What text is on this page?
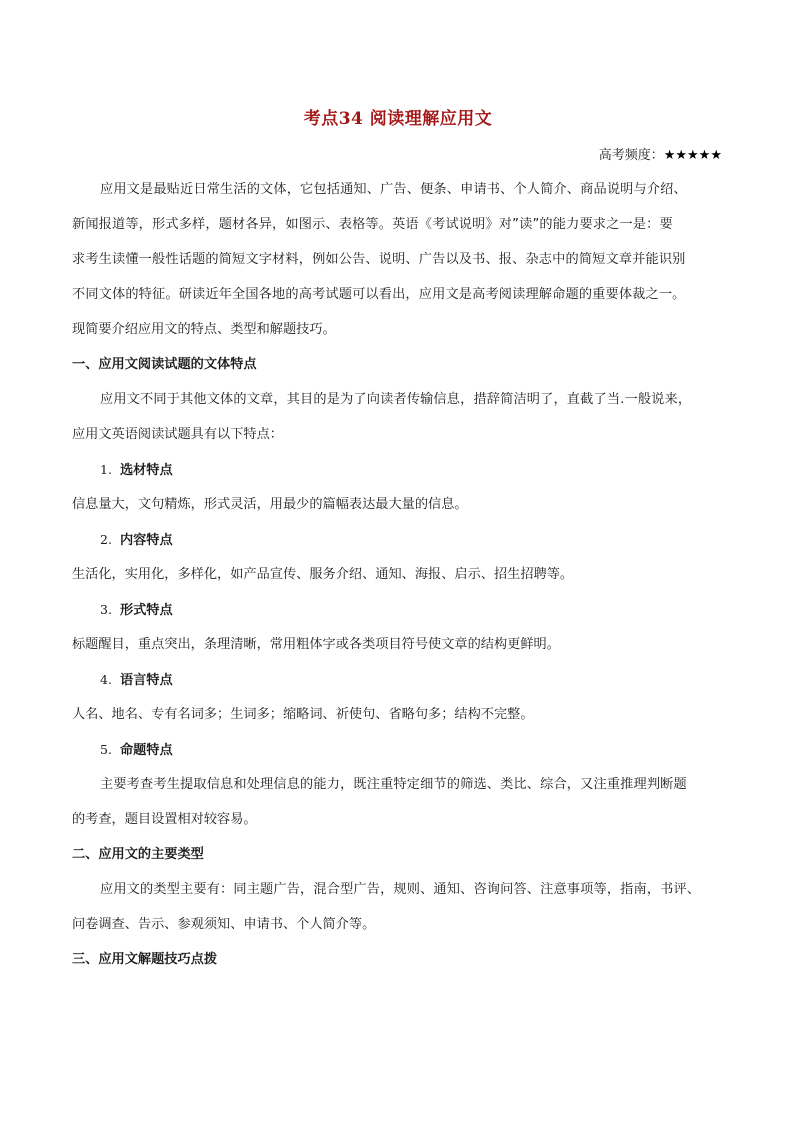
考点34 阅读理解应用文
高考频度：★★★★★
应用文是最贴近日常生活的文体，它包括通知、广告、便条、申请书、个人简介、商品说明与介绍、
新闻报道等，形式多样，题材各异，如图示、表格等。英语《考试说明》对”读”的能力要求之一是：要
求考生读懂一般性话题的简短文字材料，例如公告、说明、广告以及书、报、杂志中的简短文章并能识别
不同文体的特征。研读近年全国各地的高考试题可以看出，应用文是高考阅读理解命题的重要体裁之一。
现简要介绍应用文的特点、类型和解题技巧。
一、应用文阅读试题的文体特点
应用文不同于其他文体的文章，其目的是为了向读者传输信息，措辞简洁明了，直截了当.一般说来，
应用文英语阅读试题具有以下特点：
1. 选材特点
信息量大，文句精炼，形式灵活，用最少的篇幅表达最大量的信息。
2. 内容特点
生活化，实用化，多样化，如产品宣传、服务介绍、通知、海报、启示、招生招聘等。
3. 形式特点
标题醒目，重点突出，条理清晰，常用粗体字或各类项目符号使文章的结构更鲜明。
4. 语言特点
人名、地名、专有名词多；生词多；缩略词、祈使句、省略句多；结构不完整。
5. 命题特点
主要考查考生提取信息和处理信息的能力，既注重特定细节的筛选、类比、综合，又注重推理判断题
的考查，题目设置相对较容易。
二、应用文的主要类型
应用文的类型主要有：同主题广告，混合型广告，规则、通知、咨询问答、注意事项等，指南，书评、
问卷调查、告示、参观须知、申请书、个人简介等。
三、应用文解题技巧点拨
